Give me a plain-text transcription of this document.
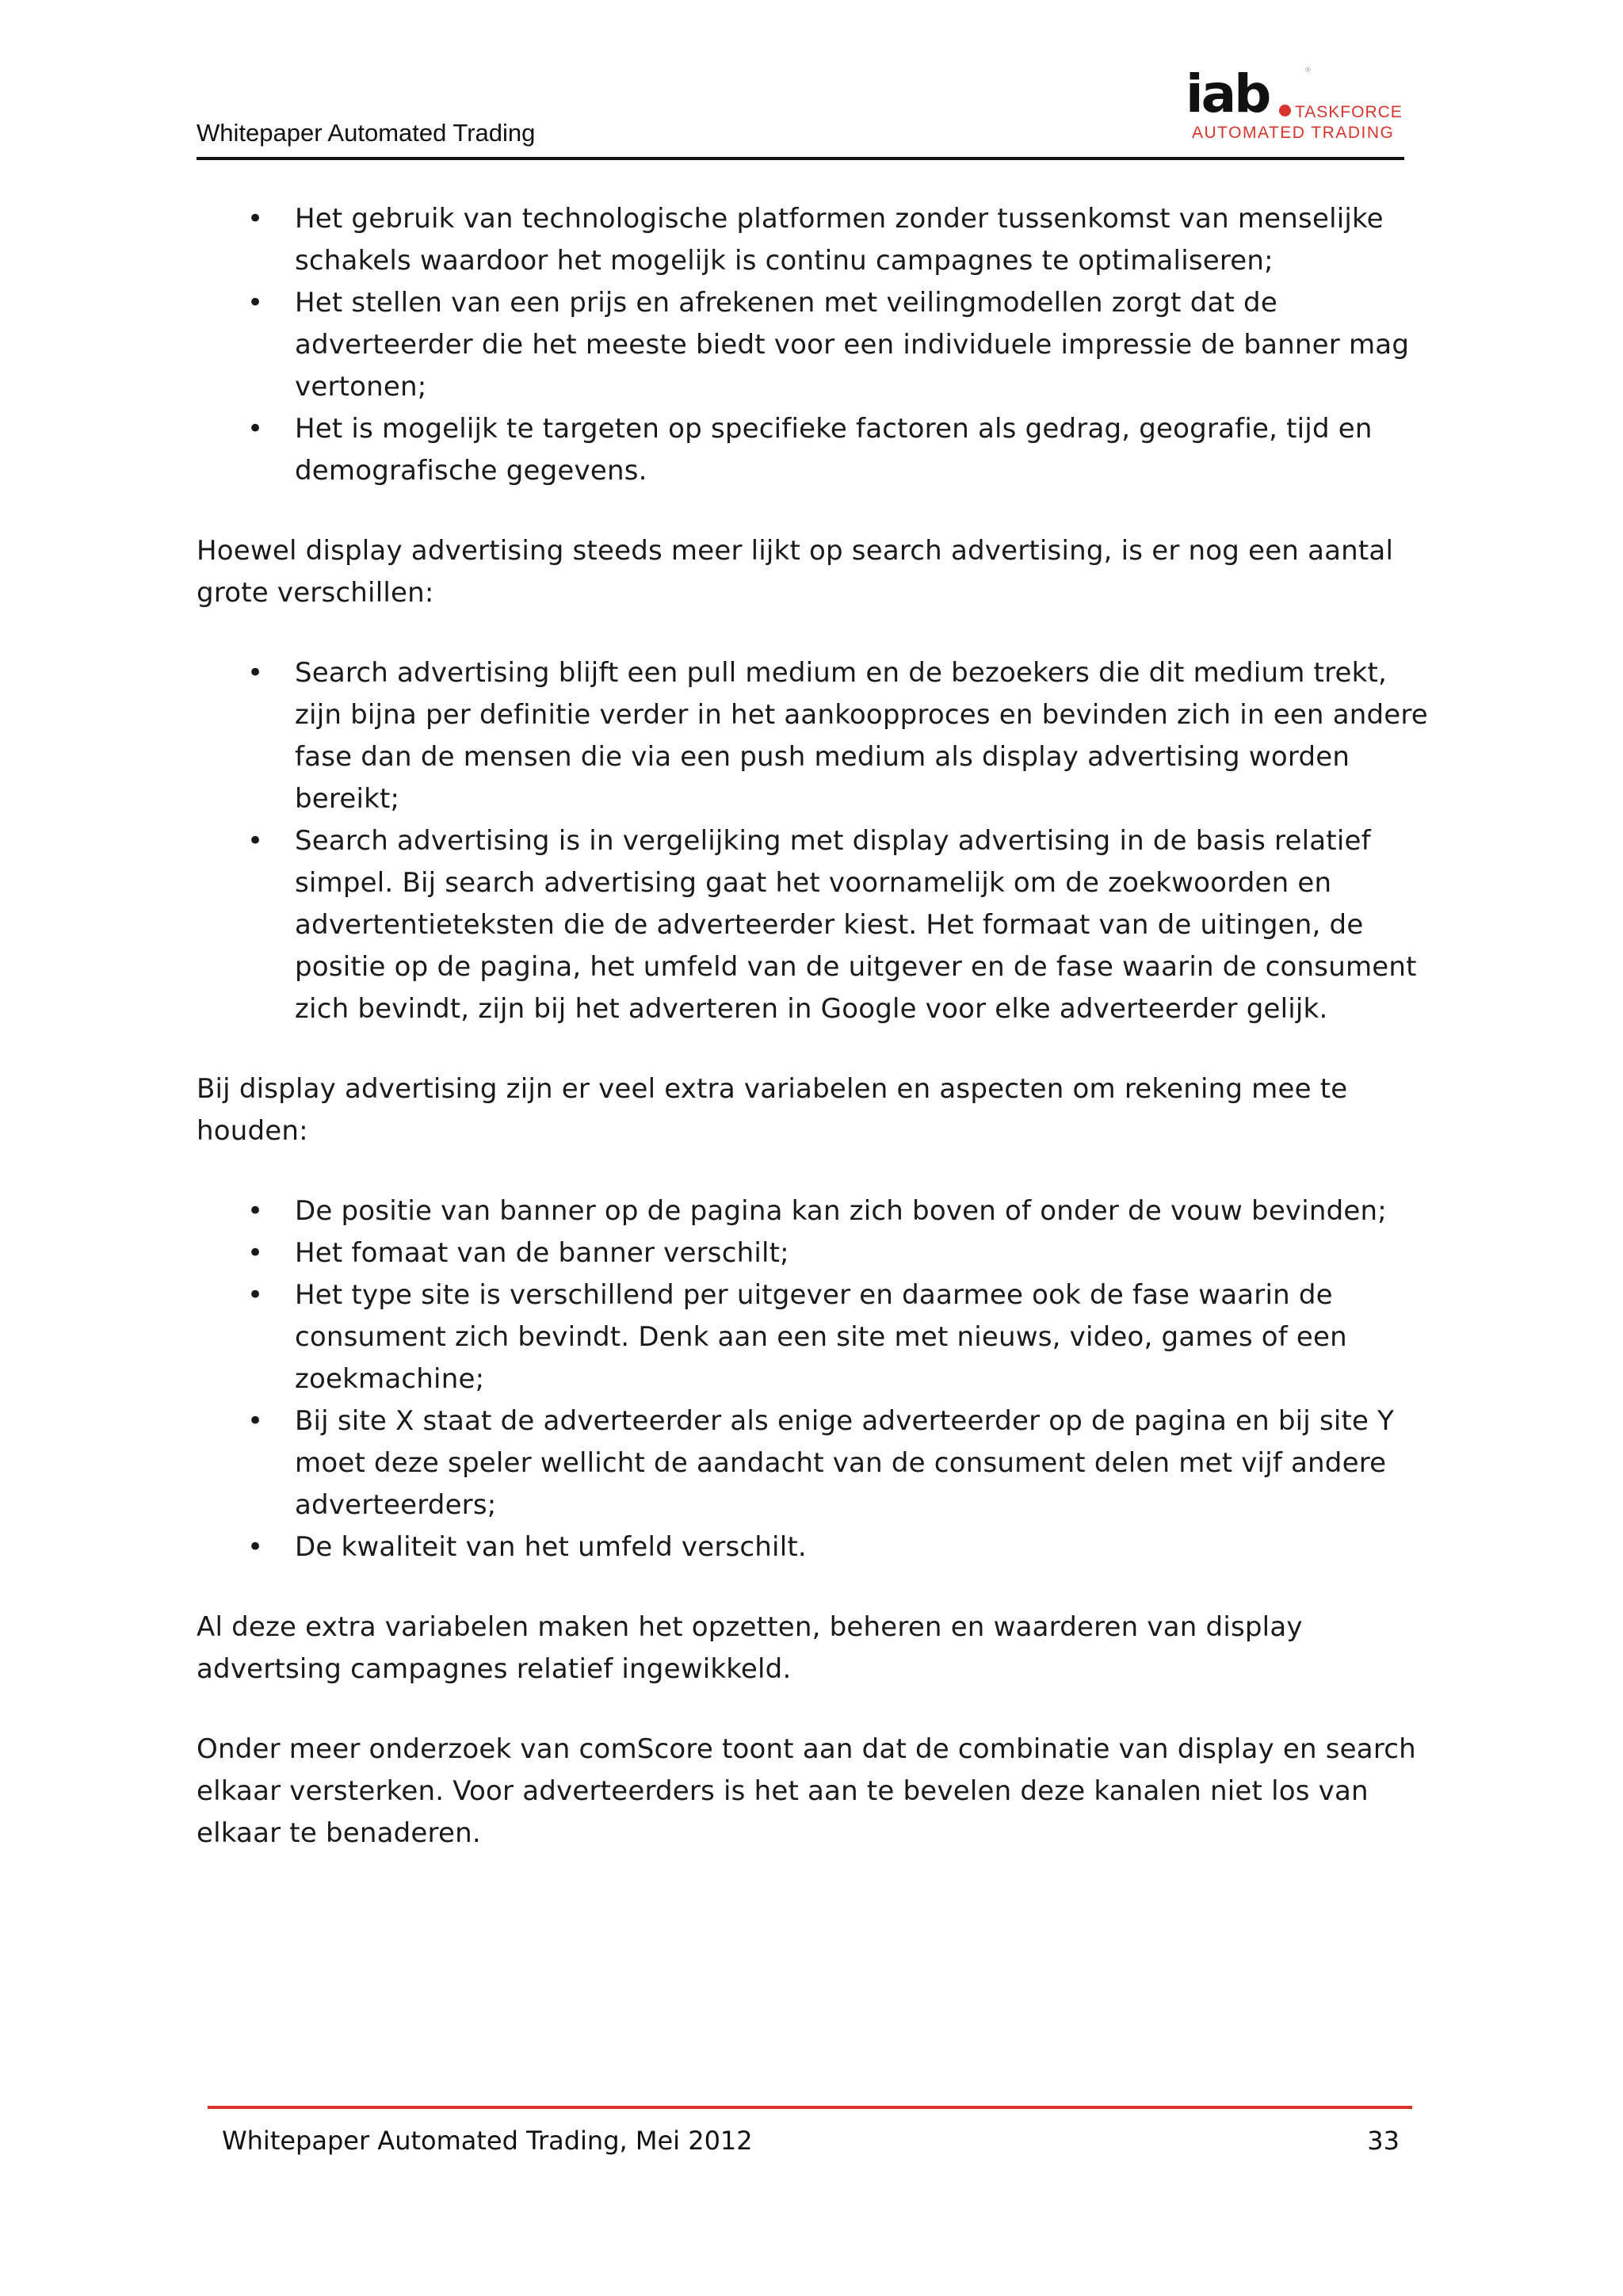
Whitepaper Automated Trading
iab	®
TASKFORCE
AUTOMATED TRADING
• Het gebruik van technologische platformen zonder tussenkomst van menselijke schakels waardoor het mogelijk is continu campagnes te optimaliseren;
• Het stellen van een prijs en afrekenen met veilingmodellen zorgt dat de adverteerder die het meeste biedt voor een individuele impressie de banner mag vertonen;
• Het is mogelijk te targeten op specifieke factoren als gedrag, geografie, tijd en demografische gegevens.

Hoewel display advertising steeds meer lijkt op search advertising, is er nog een aantal grote verschillen:

• Search advertising blijft een pull medium en de bezoekers die dit medium trekt, zijn bijna per definitie verder in het aankoopproces en bevinden zich in een andere fase dan de mensen die via een push medium als display advertising worden bereikt;
• Search advertising is in vergelijking met display advertising in de basis relatief simpel. Bij search advertising gaat het voornamelijk om de zoekwoorden en advertentieteksten die de adverteerder kiest. Het formaat van de uitingen, de positie op de pagina, het umfeld van de uitgever en de fase waarin de consument zich bevindt, zijn bij het adverteren in Google voor elke adverteerder gelijk.

Bij display advertising zijn er veel extra variabelen en aspecten om rekening mee te houden:

• De positie van banner op de pagina kan zich boven of onder de vouw bevinden;
• Het fomaat van de banner verschilt;
• Het type site is verschillend per uitgever en daarmee ook de fase waarin de consument zich bevindt. Denk aan een site met nieuws, video, games of een zoekmachine;
• Bij site X staat de adverteerder als enige adverteerder op de pagina en bij site Y moet deze speler wellicht de aandacht van de consument delen met vijf andere adverteerders;
• De kwaliteit van het umfeld verschilt.

Al deze extra variabelen maken het opzetten, beheren en waarderen van display advertsing campagnes relatief ingewikkeld.

Onder meer onderzoek van comScore toont aan dat de combinatie van display en search elkaar versterken. Voor adverteerders is het aan te bevelen deze kanalen niet los van elkaar te benaderen.

Whitepaper Automated Trading, Mei 2012	33
